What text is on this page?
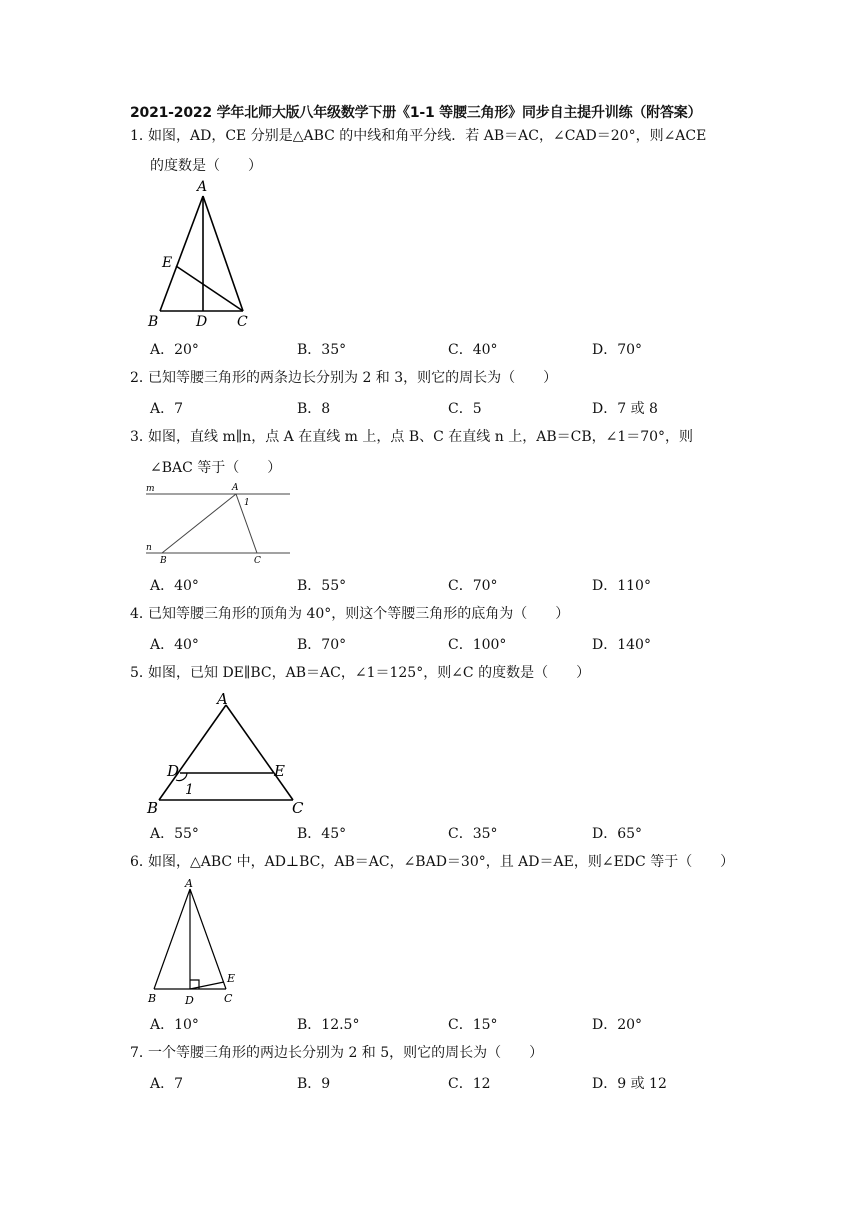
2021-2022 学年北师大版八年级数学下册《1-1 等腰三角形》同步自主提升训练（附答案）
1．如图，AD，CE 分别是△ABC 的中线和角平分线．若 AB＝AC，∠CAD＝20°，则∠ACE
的度数是（　　）
A
E
B	D C
A．20°	B．35°	C．40°	D．70°
2．已知等腰三角形的两条边长分别为 2 和 3，则它的周长为（　　）
A．7	B．8	C．5	D．7 或 8
3．如图，直线 m∥n，点 A 在直线 m 上，点 B、C 在直线 n 上，AB＝CB，∠1＝70°，则
∠BAC 等于（　　）
m
n
A
1
B	C
A．40°	B．55°	C．70°	D．110°
4．已知等腰三角形的顶角为 40°，则这个等腰三角形的底角为（　　）
A．40°	B．70°	C．100°	D．140°
5．如图，已知 DE∥BC，AB＝AC，∠1＝125°，则∠C 的度数是（　　）
A
D	E
1
B	C
A．55°	B．45°	C．35°	D．65°
6．如图，△ABC 中，AD⊥BC，AB＝AC，∠BAD＝30°，且 AD＝AE，则∠EDC 等于（　　）
A
E
B	D	C
A．10°	B．12.5°	C．15°	D．20°
7．一个等腰三角形的两边长分别为 2 和 5，则它的周长为（　　）
A．7	B．9	C．12	D．9 或 12
